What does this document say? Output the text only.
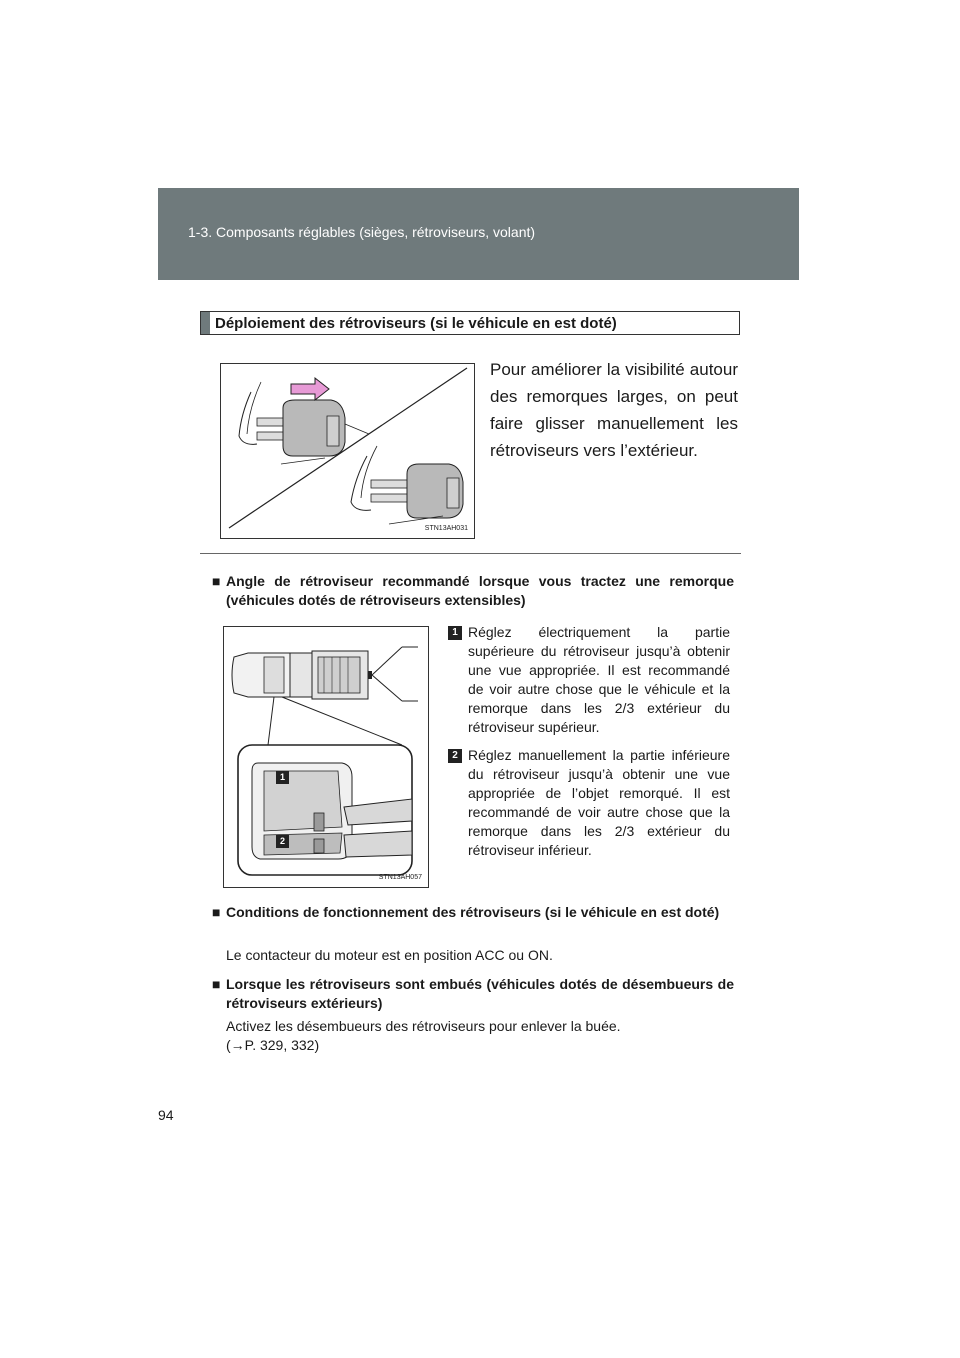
1-3. Composants réglables (sièges, rétroviseurs, volant)
Déploiement des rétroviseurs (si le véhicule en est doté)
STN13AH031
Pour améliorer la visibilité autour des remorques larges, on peut faire glisser manuellement les rétroviseurs vers l’extérieur.
■ Angle de rétroviseur recommandé lorsque vous tractez une remorque (véhicules dotés de rétroviseurs extensibles)
1
2
STN13AH057
1 Réglez électriquement la partie supérieure du rétroviseur jusqu’à obtenir une vue appropriée. Il est recommandé de voir autre chose que le véhicule et la remorque dans les 2/3 extérieur du rétroviseur supérieur.
2 Réglez manuellement la partie inférieure du rétroviseur jusqu’à obtenir une vue appropriée de l’objet remorqué. Il est recommandé de voir autre chose que la remorque dans les 2/3 extérieur du rétroviseur inférieur.
■ Conditions de fonctionnement des rétroviseurs (si le véhicule en est doté)
Le contacteur du moteur est en position ACC ou ON.
■ Lorsque les rétroviseurs sont embués (véhicules dotés de désembueurs de rétroviseurs extérieurs)
Activez les désembueurs des rétroviseurs pour enlever la buée.
(→P. 329, 332)
94
